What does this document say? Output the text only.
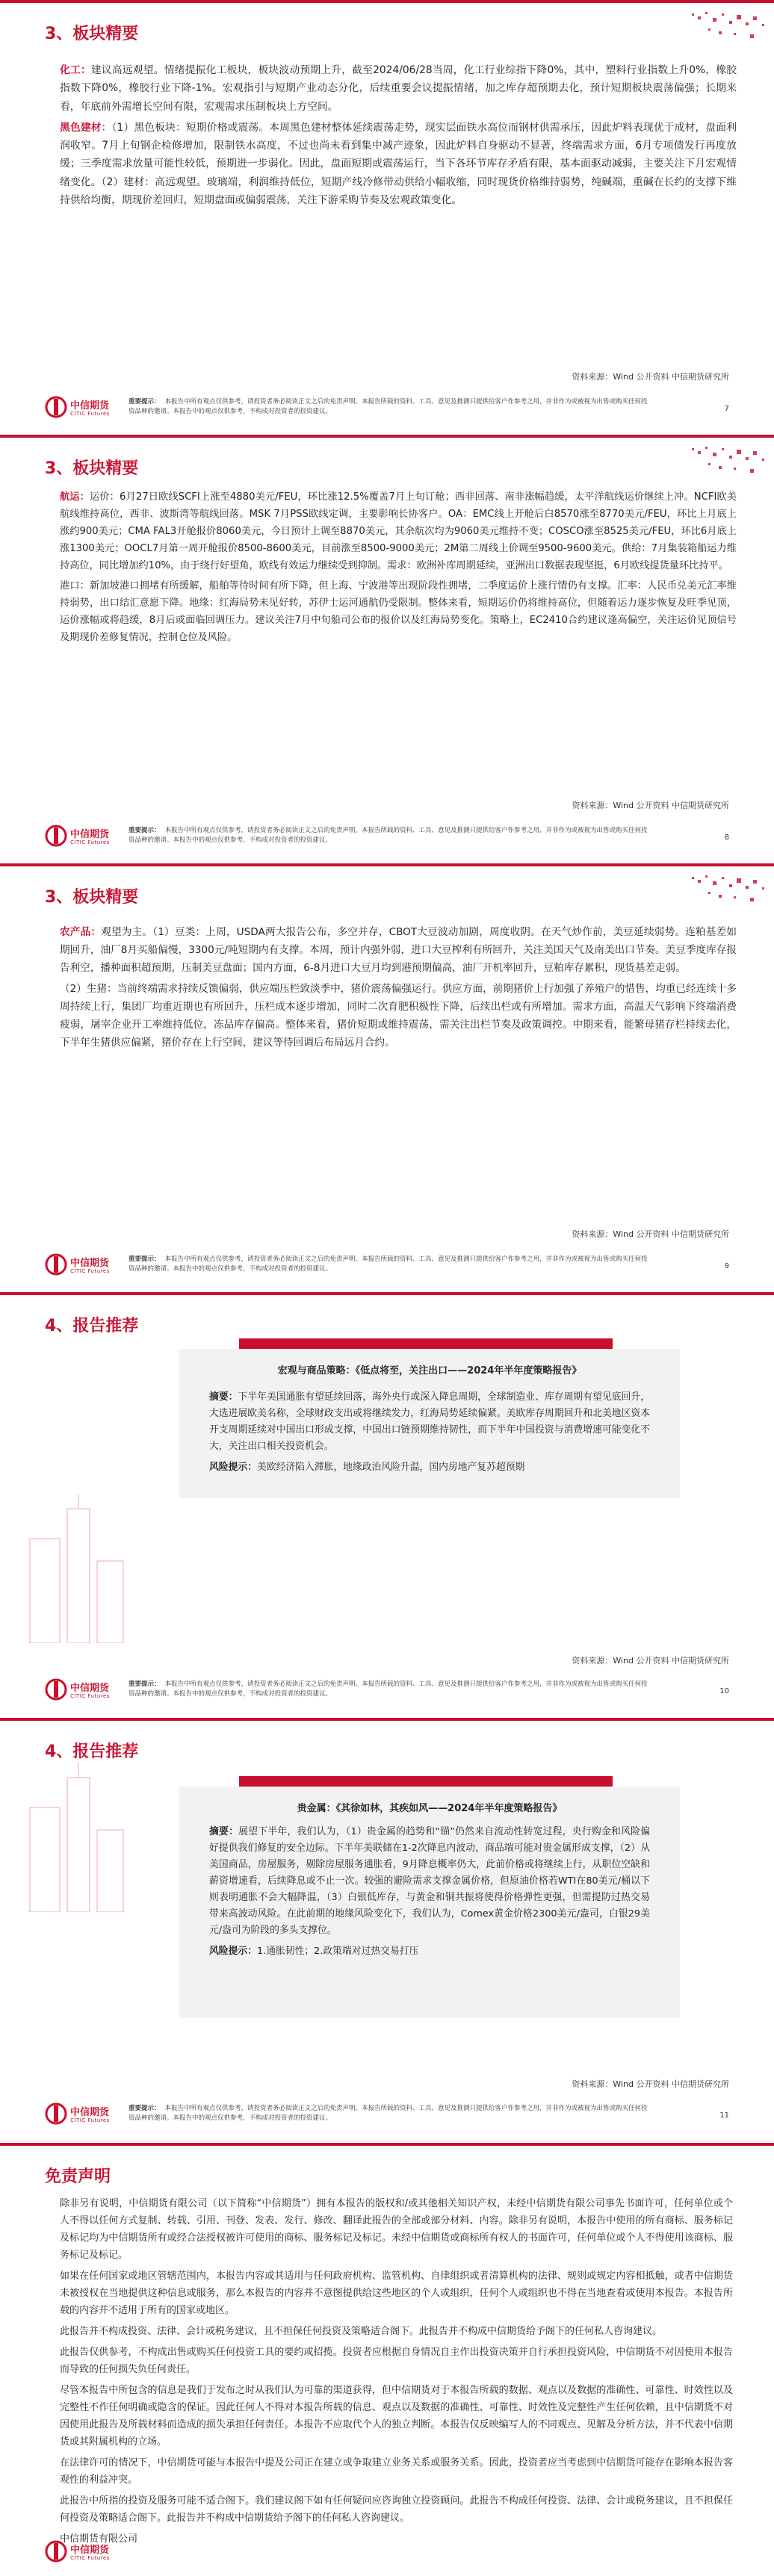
3、板块精要

化工：建议高远观望。情绪提振化工板块，板块波动预期上升，截至2024/06/28当周，化工行业综指下降0%，其中，塑料行业指数上升0%，橡胶指数下降0%，橡胶行业下降-1%。宏观指引与短期产业动态分化，后续重要会议提振情绪，加之库存超预期去化，预计短期板块震荡偏强；长期来看，年底前外需增长空间有限，宏观需求压制板块上方空间。

黑色建材：（1）黑色板块：短期价格或震荡。本周黑色建材整体延续震荡走势，现实层面铁水高位而钢材供需承压，因此炉料表现优于成材，盘面利润收窄。7月上旬钢企检修增加，限制铁水高度，不过也尚未看到集中减产迹象，因此炉料自身驱动不显著，终端需求方面，6月专项债发行再度放缓；三季度需求放量可能性较低，预期进一步弱化。因此，盘面短期或震荡运行，当下各环节库存矛盾有限，基本面驱动减弱，主要关注下月宏观情绪变化。（2）建材：高远观望。玻璃端，利润维持低位，短期产线冷修带动供给小幅收缩，同时现货价格维持弱势，纯碱端，重碱在长约的支撑下维持供给均衡，期现价差回归，短期盘面或偏弱震荡，关注下游采购节奏及宏观政策变化。

资料来源：Wind 公开资料 中信期货研究所
中信期货
CITIC Futures
重要提示： 本报告中所有观点仅供参考，请投资者务必阅读正文之后的免责声明。本报告所载的资料、工具、意见及推测只提供给客户作参考之用，并非作为或被视为出售或购买任何投资品种的邀请。本报告中的观点仅供参考，不构成对投资者的投资建议。	7
3、板块精要

航运：运价：6月27日欧线SCFI上涨至4880美元/FEU，环比涨12.5%覆盖7月上旬订舱；西非回落、南非涨幅趋缓，太平洋航线运价继续上冲。NCFI欧美航线维持高位，西非、波斯湾等航线回落。MSK 7月PSS欧线定调，主要影响长协客户。OA：EMC线上开舱后白8570涨至8770美元/FEU，环比上月底上涨约900美元；CMA FAL3开舱报价8060美元，今日预计上调至8870美元，其余航次均为9060美元维持不变；COSCO涨至8525美元/FEU，环比6月底上涨1300美元；OOCL7月第一周开舱报价8500-8600美元，目前涨至8500-9000美元；2M第二周线上价调至9500-9600美元。供给：7月集装箱船运力维持高位，同比增加约10%，由于绕行好望角，欧线有效运力继续受到抑制。需求：欧洲补库周期延续，亚洲出口数据表现坚挺，6月欧线提货量环比持平。

港口：新加坡港口拥堵有所缓解，船舶等待时间有所下降，但上海、宁波港等出现阶段性拥堵，二季度运价上涨行情仍有支撑。汇率：人民币兑美元汇率维持弱势，出口结汇意愿下降。地缘：红海局势未见好转，苏伊士运河通航仍受限制。整体来看，短期运价仍将维持高位，但随着运力逐步恢复及旺季见顶，运价涨幅或将趋缓，8月后或面临回调压力。建议关注7月中旬船司公布的报价以及红海局势变化。策略上，EC2410合约建议逢高偏空，关注运价见顶信号及期现价差修复情况，控制仓位及风险。

资料来源：Wind 公开资料 中信期货研究所
中信期货
CITIC Futures
重要提示： 本报告中所有观点仅供参考，请投资者务必阅读正文之后的免责声明。本报告所载的资料、工具、意见及推测只提供给客户作参考之用，并非作为或被视为出售或购买任何投资品种的邀请。本报告中的观点仅供参考，不构成对投资者的投资建议。	8
3、板块精要

农产品：观望为主。（1）豆类：上周，USDA两大报告公布，多空并存，CBOT大豆波动加剧，周度收阴。在天气炒作前，美豆延续弱势。连粕基差如期回升，油厂8月买船偏慢，3300元/吨短期内有支撑。本周，预计内强外弱，进口大豆榨利有所回升，关注美国天气及南美出口节奏。美豆季度库存报告利空，播种面积超预期，压制美豆盘面；国内方面，6-8月进口大豆月均到港预期偏高，油厂开机率回升，豆粕库存累积，现货基差走弱。

（2）生猪：当前终端需求持续反馈偏弱，供应端压栏致淡季中，猪价震荡偏强运行。供应方面，前期猪价上行加强了养殖户的惜售，均重已经连续十多周持续上行，集团厂均重近期也有所回升，压栏成本逐步增加，同时二次育肥积极性下降，后续出栏或有所增加。需求方面，高温天气影响下终端消费疲弱，屠宰企业开工率维持低位，冻品库存偏高。整体来看，猪价短期或维持震荡，需关注出栏节奏及政策调控。中期来看，能繁母猪存栏持续去化，下半年生猪供应偏紧，猪价存在上行空间，建议等待回调后布局远月合约。

资料来源：Wind 公开资料 中信期货研究所
中信期货
CITIC Futures
重要提示： 本报告中所有观点仅供参考，请投资者务必阅读正文之后的免责声明。本报告所载的资料、工具、意见及推测只提供给客户作参考之用，并非作为或被视为出售或购买任何投资品种的邀请。本报告中的观点仅供参考，不构成对投资者的投资建议。	9
4、报告推荐
宏观与商品策略：《低点将至，关注出口——2024年半年度策略报告》

摘要：下半年美国通胀有望延续回落，海外央行或深入降息周期，全球制造业、库存周期有望见底回升，大选进展欧美名称，全球财政支出或将继续发力，红海局势延续偏紧。美欧库存周期回升和北美地区资本开支周期延续对中国出口形成支撑，中国出口链预期维持韧性，而下半年中国投资与消费增速可能变化不大，关注出口相关投资机会。

风险提示：美欧经济陷入滞胀，地缘政治风险升温，国内房地产复苏超预期

资料来源：Wind 公开资料 中信期货研究所
中信期货
CITIC Futures
重要提示： 本报告中所有观点仅供参考，请投资者务必阅读正文之后的免责声明。本报告所载的资料、工具、意见及推测只提供给客户作参考之用，并非作为或被视为出售或购买任何投资品种的邀请。本报告中的观点仅供参考，不构成对投资者的投资建议。	10
4、报告推荐
贵金属：《其徐如林，其疾如风——2024年半年度策略报告》

摘要：展望下半年，我们认为，（1）贵金属的趋势和“锚”仍然来自流动性转宽过程，央行购金和风险偏好提供我们修复的安全边际。下半年美联储在1-2次降息内波动，商品端可能对贵金属形成支撑，（2）从美国商品，房屋服务，剔除房屋服务通胀看，9月降息概率仍大，此前价格或将继续上行，从职位空缺和薪资增速看，后续降息或不止一次。较强的避险需求支撑金属价格，但原油价格若WTI在80美元/桶以下则表明通胀不会大幅降温，（3）白银低库存，与黄金和铜共振将使得价格弹性更强，但需提防过热交易带来高波动风险。在此前期的地缘风险变化下，我们认为，Comex黄金价格2300美元/盎司，白银29美元/盎司为阶段的多头支撑位。

风险提示：1.通胀韧性；2.政策端对过热交易打压

资料来源：Wind 公开资料 中信期货研究所
中信期货
CITIC Futures
重要提示： 本报告中所有观点仅供参考，请投资者务必阅读正文之后的免责声明。本报告所载的资料、工具、意见及推测只提供给客户作参考之用，并非作为或被视为出售或购买任何投资品种的邀请。本报告中的观点仅供参考，不构成对投资者的投资建议。	11
免责声明

除非另有说明，中信期货有限公司（以下简称“中信期货”）拥有本报告的版权和/或其他相关知识产权，未经中信期货有限公司事先书面许可，任何单位或个人不得以任何方式复制、转载、引用、刊登、发表、发行、修改、翻译此报告的全部或部分材料、内容。除非另有说明，本报告中使用的所有商标、服务标记及标记均为中信期货所有或经合法授权被许可使用的商标、服务标记及标记。未经中信期货或商标所有权人的书面许可，任何单位或个人不得使用该商标、服务标记及标记。

如果在任何国家或地区管辖范围内，本报告内容或其适用与任何政府机构、监管机构、自律组织或者清算机构的法律、规则或规定内容相抵触，或者中信期货未被授权在当地提供这种信息或服务，那么本报告的内容并不意图提供给这些地区的个人或组织，任何个人或组织也不得在当地查看或使用本报告。本报告所载的内容并不适用于所有的国家或地区。

此报告并不构成投资、法律、会计或税务建议，且不担保任何投资及策略适合阁下。此报告并不构成中信期货给予阁下的任何私人咨询建议。

此报告仅供参考，不构成出售或购买任何投资工具的要约或招揽。投资者应根据自身情况自主作出投资决策并自行承担投资风险，中信期货不对因使用本报告而导致的任何损失负任何责任。

尽管本报告中所包含的信息是我们于发布之时从我们认为可靠的渠道获得，但中信期货对于本报告所载的数据、观点以及数据的准确性、可靠性、时效性以及完整性不作任何明确或隐含的保证。因此任何人不得对本报告所载的信息、观点以及数据的准确性、可靠性、时效性及完整性产生任何依赖，且中信期货不对因使用此报告及所载材料而造成的损失承担任何责任。本报告不应取代个人的独立判断。本报告仅反映编写人的不同观点、见解及分析方法，并不代表中信期货或其附属机构的立场。

在法律许可的情况下，中信期货可能与本报告中提及公司正在建立或争取建立业务关系或服务关系。因此，投资者应当考虑到中信期货可能存在影响本报告客观性的利益冲突。

此报告中所指的投资及服务可能不适合阁下。我们建议阁下如有任何疑问应咨询独立投资顾问。此报告不构成任何投资、法律、会计或税务建议，且不担保任何投资及策略适合阁下。此报告并不构成中信期货给予阁下的任何私人咨询建议。

中信期货有限公司

中信期货
CITIC Futures
